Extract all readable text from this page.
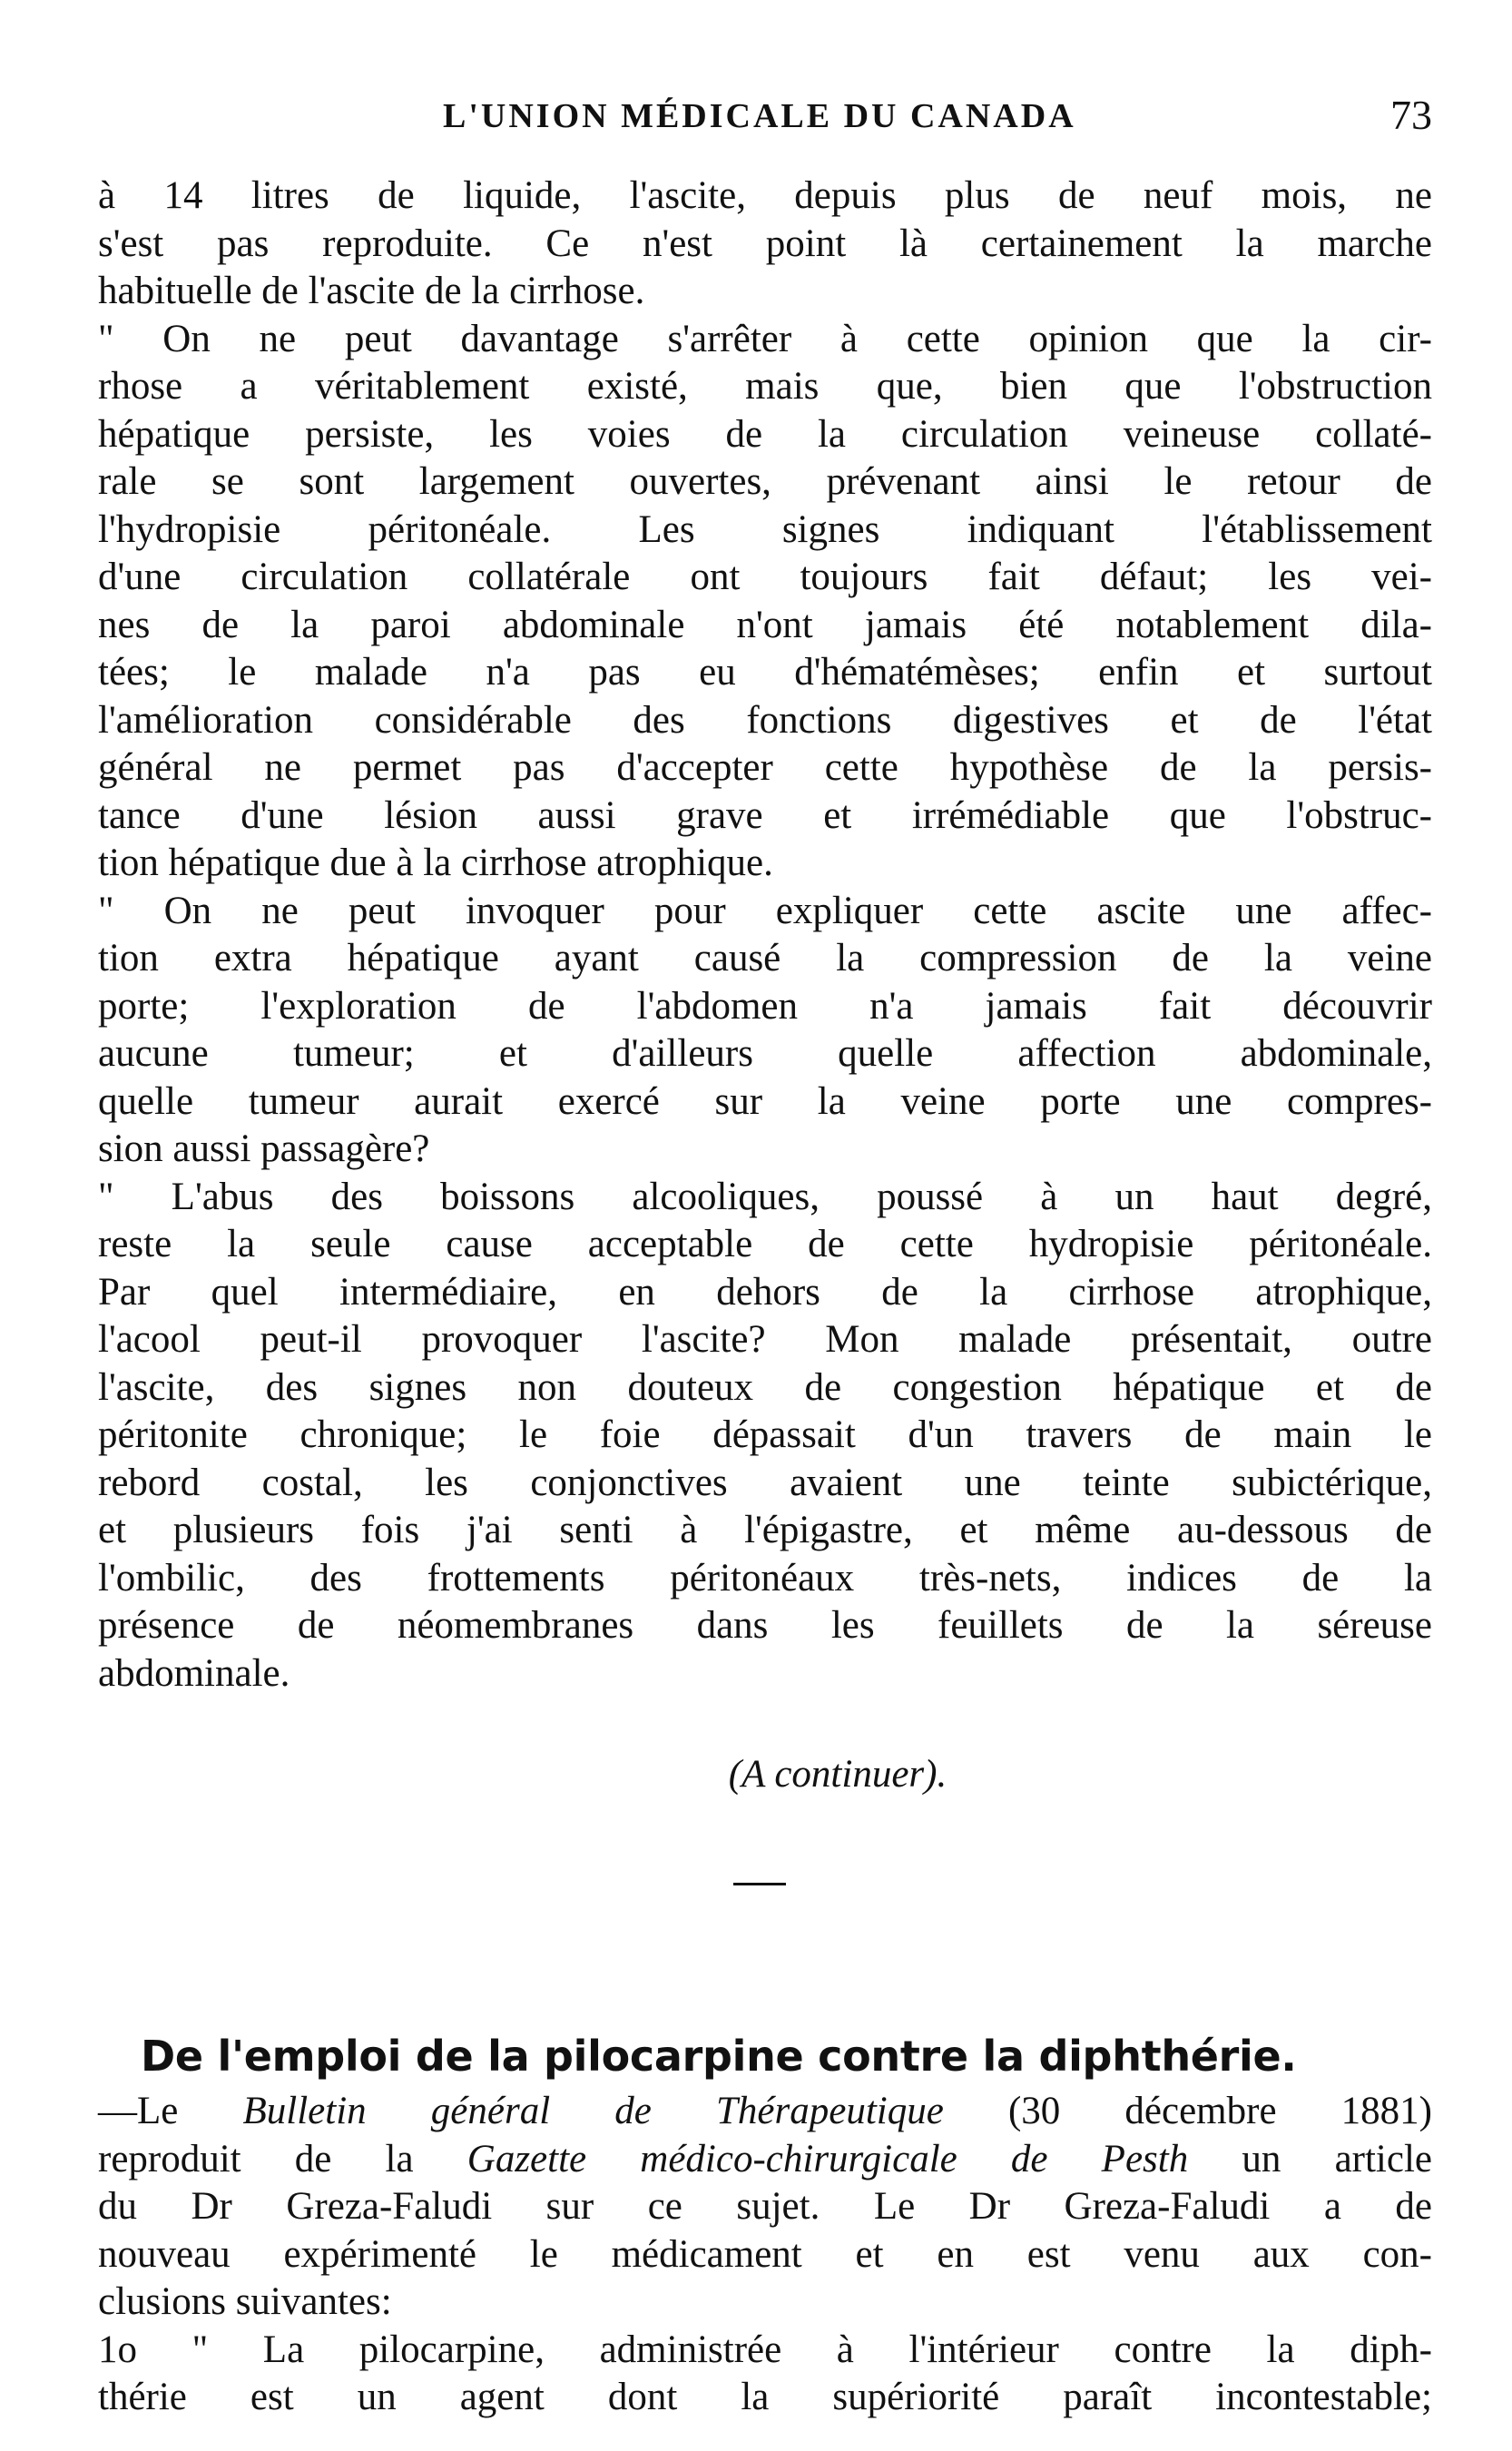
L'UNION MÉDICALE DU CANADA	73
à 14 litres de liquide, l'ascite, depuis plus de neuf mois, ne
s'est pas reproduite. Ce n'est point là certainement la marche
habituelle de l'ascite de la cirrhose.
" On ne peut davantage s'arrêter à cette opinion que la cir-
rhose a véritablement existé, mais que, bien que l'obstruction
hépatique persiste, les voies de la circulation veineuse collaté-
rale se sont largement ouvertes, prévenant ainsi le retour de
l'hydropisie péritonéale. Les signes indiquant l'établissement
d'une circulation collatérale ont toujours fait défaut; les vei-
nes de la paroi abdominale n'ont jamais été notablement dila-
tées; le malade n'a pas eu d'hématémèses; enfin et surtout
l'amélioration considérable des fonctions digestives et de l'état
général ne permet pas d'accepter cette hypothèse de la persis-
tance d'une lésion aussi grave et irrémédiable que l'obstruc-
tion hépatique due à la cirrhose atrophique.
" On ne peut invoquer pour expliquer cette ascite une affec-
tion extra hépatique ayant causé la compression de la veine
porte; l'exploration de l'abdomen n'a jamais fait découvrir
aucune tumeur; et d'ailleurs quelle affection abdominale,
quelle tumeur aurait exercé sur la veine porte une compres-
sion aussi passagère?
" L'abus des boissons alcooliques, poussé à un haut degré,
reste la seule cause acceptable de cette hydropisie péritonéale.
Par quel intermédiaire, en dehors de la cirrhose atrophique,
l'acool peut-il provoquer l'ascite? Mon malade présentait, outre
l'ascite, des signes non douteux de congestion hépatique et de
péritonite chronique; le foie dépassait d'un travers de main le
rebord costal, les conjonctives avaient une teinte subictérique,
et plusieurs fois j'ai senti à l'épigastre, et même au-dessous de
l'ombilic, des frottements péritonéaux très-nets, indices de la
présence de néomembranes dans les feuillets de la séreuse
abdominale.
(A continuer).
De l'emploi de la pilocarpine contre la diphthérie.
—Le Bulletin général de Thérapeutique (30 décembre 1881)
reproduit de la Gazette médico-chirurgicale de Pesth un article
du Dr Greza-Faludi sur ce sujet. Le Dr Greza-Faludi a de
nouveau expérimenté le médicament et en est venu aux con-
clusions suivantes:
1o " La pilocarpine, administrée à l'intérieur contre la diph-
thérie est un agent dont la supériorité paraît incontestable;
